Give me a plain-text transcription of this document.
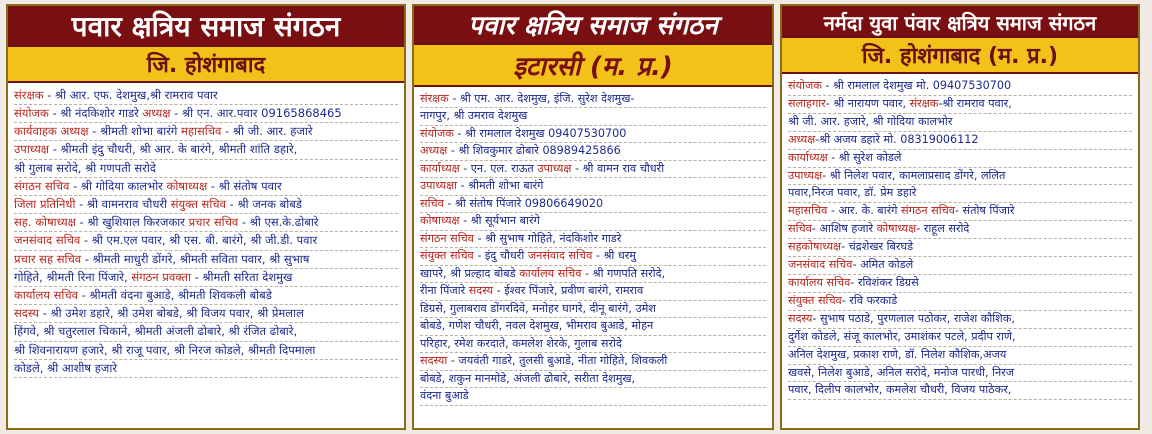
पवार क्षत्रिय समाज संगठन
जि. होशंगाबाद
संरक्षक - श्री आर. एफ. देशमुख,श्री रामराव पवार
संयोजक - श्री नंदकिशोर गाडरे अध्यक्ष - श्री एन. आर.पवार 09165868465
कार्यवाहक अध्यक्ष - श्रीमती शोभा बारंगे महासचिव - श्री जी. आर. हजारे
उपाध्यक्ष - श्रीमती इंदु चौधरी, श्री आर. के बारंगे, श्रीमती शांति डहारे,
श्री गुलाब सरोदे, श्री गणपती सरोदे
संगठन सचिव - श्री गोदिया कालभोर कोषाध्यक्ष - श्री संतोष पवार
जिला प्रतिनिधी - श्री वामनराव चौधरी संयुक्त सचिव - श्री जनक बोबडे
सह. कोषाध्यक्ष - श्री खुशियाल किरजकार प्रचार सचिव - श्री एस.के.ढोबारे
जनसंवाद सचिव - श्री एम.एल पवार, श्री एस. बी. बारंगे, श्री जी.डी. पवार
प्रचार सह सचिव - श्रीमती माधुरी डोंगरे, श्रीमती सविता पवार, श्री सुभाष
गोहिते, श्रीमती रिना पिंजारे, संगठन प्रवक्ता - श्रीमती सरिता देशमुख
कार्यालय सचिव - श्रीमती वंदना बुआडे, श्रीमती शिवकली बोबडे
सदस्य - श्री उमेश डहारे, श्री उमेश बोबडे, श्री विजय पवार, श्री प्रेमलाल
हिंगवे, श्री चतुरलाल चिकाने, श्रीमती अंजली ढोबारे, श्री रंजित ढोबारे,
श्री शिवनारायण हजारे, श्री राजू पवार, श्री निरज कोडले, श्रीमती दिपमाला
कोडले, श्री आशीष हजारे
पवार क्षत्रिय समाज संगठन
इटारसी (म. प्र.)
संरक्षक - श्री एम. आर. देशमुख, इंजि. सुरेश देशमुख-
नागपुर, श्री उमराव देशमुख
संयोजक - श्री रामलाल देशमुख 09407530700
अध्यक्ष - श्री शिवकुमार ढोबारे 08989425866
कार्याध्यक्ष - एन. एल. राऊत उपाध्यक्ष - श्री वामन राव चौधरी
उपाध्यक्षा - श्रीमती शोभा बारंगे
सचिव - श्री संतोष पिंजारे 09806649020
कोषाध्यक्ष - श्री सूर्यभान बारंगे
संगठन सचिव - श्री सुभाष गोहिते, नंदकिशोर गाडरे
संयुक्त सचिव - इंदु चौधरी जनसंवाद सचिव - श्री धरमु
खापरे, श्री प्रल्हाद बोबडे कार्यालय सचिव - श्री गणपति सरोदे,
रीना पिंजारे सदस्य - ईश्वर पिंजारे, प्रवीण बारंगे, रामराव
डिग्रसे, गुलाबराव डोंगरदिवे, मनोहर घागरे, दीनू बारंगे, उमेश
बोबडे, गणेश चौधरी, नवल देशमुख, भीमराव बुआडे, मोहन
परिहार, रमेश करदाते, कमलेश शेरके, गुलाब सरोदे
सदस्या - जयवंती गाडरे, तुलसी बुआडे, नीता गोहिते, शिवकली
बोबडे, शकुन मानमोडे, अंजली ढोबारे, सरीता देशमुख,
वंदना बुआडे
नर्मदा युवा पंवार क्षत्रिय समाज संगठन
जि. होशंगाबाद (म. प्र.)
संयोजक - श्री रामलाल देशमुख मो. 09407530700
सलाहगार- श्री नारायण पवार, संरक्षक-श्री रामराव पवार,
श्री जी. आर. हजारे, श्री गोदिया कालभोर
अध्यक्ष-श्री अजय डहारे मो. 08319006112
कार्याध्यक्ष - श्री सुरेश कोडले
उपाध्यक्ष- श्री निलेश पवार, कामलाप्रसाद डोंगरे, ललित
पवार,निरज पवार, डॉ. प्रेम डहारे
महासचिव - आर. के. बारंगे संगठन सचिव- संतोष पिंजारे
सचिव- आशिष हजारे कोषाध्यक्ष- राहूल सरोदे
सहकोषाध्यक्ष- चंद्रशेखर बिरघडे
जनसंवाद सचिव- अमित कोडले
कार्यालय सचिव- रविशंकर डिग्रसे
संयुक्त सचिव- रवि फरकाडे
सदस्य- सुभाष पठाडे, पुरणलाल पठोकर, राजेश कौशिक,
दुर्गेश कोडले, संजू कालभोर, उमाशंकर पटले, प्रदीप राणे,
अनिल देशमुख, प्रकाश राणे, डॉ. निलेश कौशिक,अजय
खवसे, निलेश बुआडे, अनिल सरोदे, मनोज पारधी, निरज
पवार, दिलीप कालभोर, कमलेश चौधरी, विजय पाठेकर,
